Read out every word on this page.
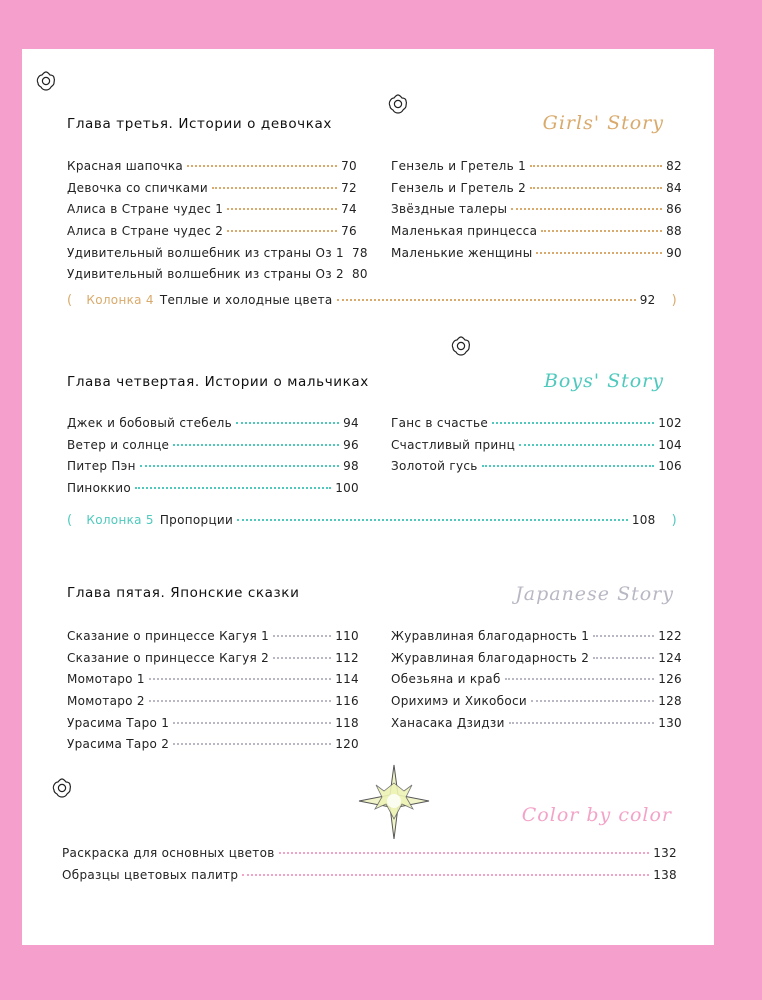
Глава третья. Истории о девочках	Girls' Story
Красная шапочка	70
Девочка со спичками	72
Алиса в Стране чудес 1	74
Алиса в Стране чудес 2	76
Удивительный волшебник из страны Оз 1 78
Удивительный волшебник из страны Оз 2 80
Гензель и Гретель 1	82
Гензель и Гретель 2	84
Звёздные талеры	86
Маленькая принцесса	88
Маленькие женщины	90
( Колонка 4 Теплые и холодные цвета	92 )
Глава четвертая. Истории о мальчиках	Boys' Story
Джек и бобовый стебель	94
Ветер и солнце	96
Питер Пэн	98
Пиноккио	100
Ганс в счастье	102
Счастливый принц	104
Золотой гусь	106
( Колонка 5 Пропорции	108 )
Глава пятая. Японские сказки	Japanese Story
Сказание о принцессе Кагуя 1	110
Сказание о принцессе Кагуя 2	112
Момотаро 1	114
Момотаро 2	116
Урасима Таро 1	118
Урасима Таро 2	120
Журавлиная благодарность 1	122
Журавлиная благодарность 2	124
Обезьяна и краб	126
Орихимэ и Хикобоси	128
Ханасака Дзидзи	130
Color by color
Раскраска для основных цветов	132
Образцы цветовых палитр	138
